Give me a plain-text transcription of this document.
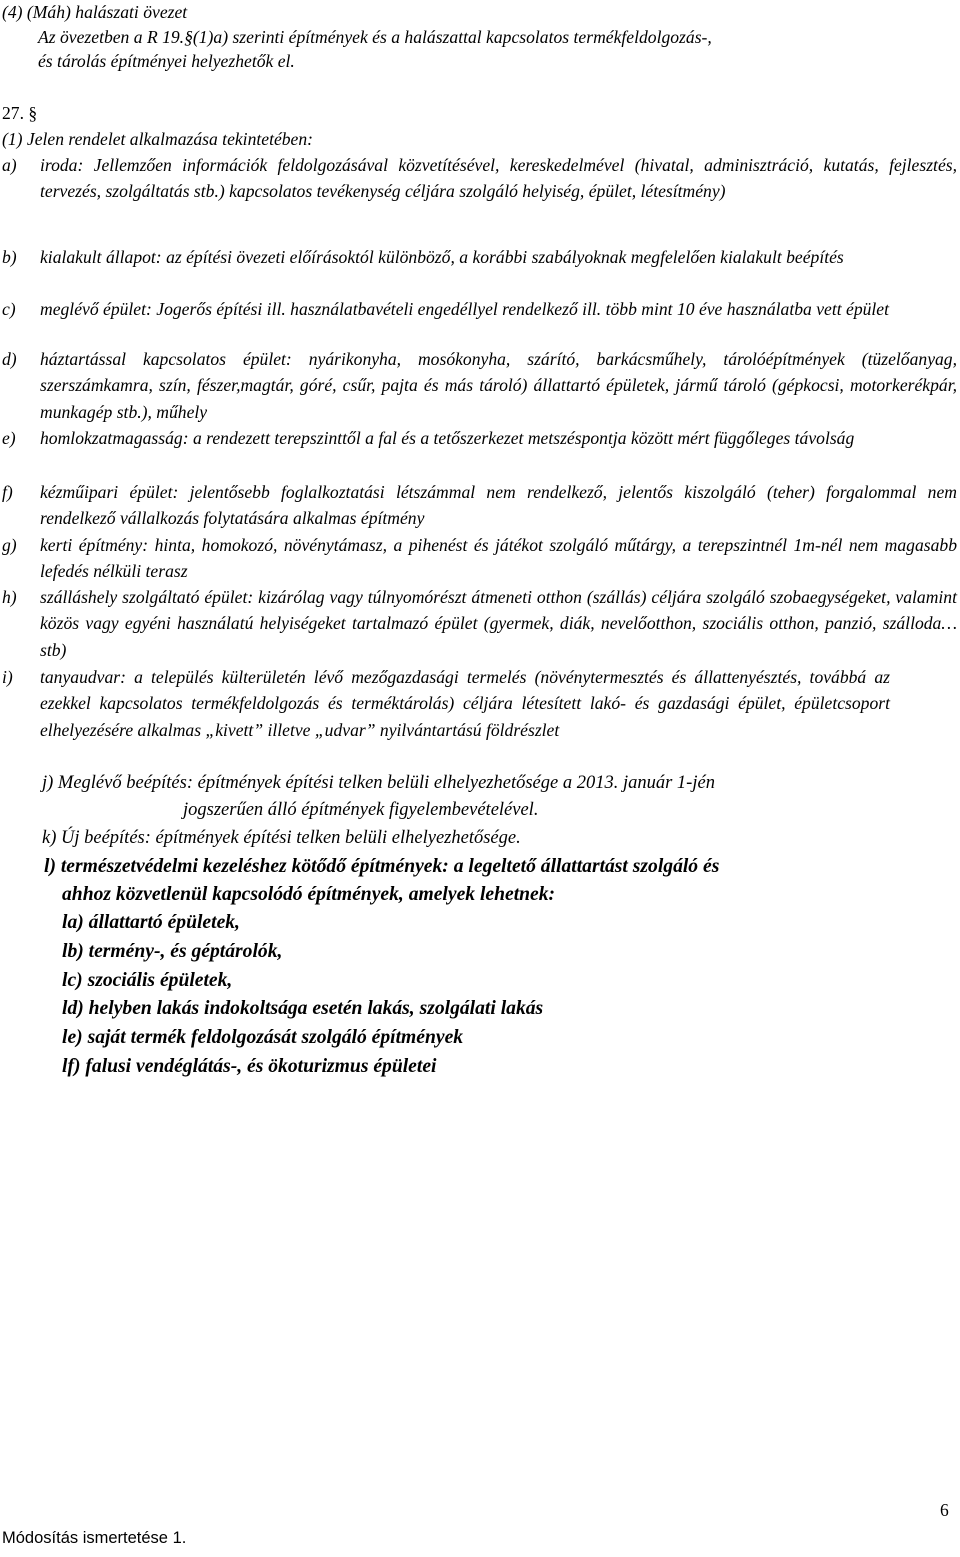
(4) (Máh) halászati övezet
Az övezetben a R 19.§(1)a) szerinti építmények és a halászattal kapcsolatos termékfeldolgozás-,
és tárolás építményei helyezhetők el.
27. §
(1) Jelen rendelet alkalmazása tekintetében:
a) iroda: Jellemzően információk feldolgozásával közvetítésével, kereskedelmével (hivatal, adminisztráció, kutatás, fejlesztés, tervezés, szolgáltatás stb.) kapcsolatos tevékenység céljára szolgáló helyiség, épület, létesítmény)
b) kialakult állapot: az építési övezeti előírásoktól különböző, a korábbi szabályoknak megfelelően kialakult beépítés
c) meglévő épület: Jogerős építési ill. használatbavételi engedéllyel rendelkező ill. több mint 10 éve használatba vett épület
d) háztartással kapcsolatos épület: nyárikonyha, mosókonyha, szárító, barkácsműhely, tárolóépítmények (tüzelőanyag, szerszámkamra, szín, fészer,magtár, góré, csűr, pajta és más tároló) állattartó épületek, jármű tároló (gépkocsi, motorkerékpár, munkagép stb.), műhely
e) homlokzatmagasság: a rendezett terepszinttől a fal és a tetőszerkezet metszéspontja között mért függőleges távolság
f) kézműipari épület: jelentősebb foglalkoztatási létszámmal nem rendelkező, jelentős kiszolgáló (teher) forgalommal nem rendelkező vállalkozás folytatására alkalmas építmény
g) kerti építmény: hinta, homokozó, növénytámasz, a pihenést és játékot szolgáló műtárgy, a terepszintnél 1m-nél nem magasabb lefedés nélküli terasz
h) szálláshely szolgáltató épület: kizárólag vagy túlnyomórészt átmeneti otthon (szállás) céljára szolgáló szobaegységeket, valamint közös vagy egyéni használatú helyiségeket tartalmazó épület (gyermek, diák, nevelőotthon, szociális otthon, panzió, szálloda…stb)
i) tanyaudvar: a település külterületén lévő mezőgazdasági termelés (növénytermesztés és állattenyésztés, továbbá az ezekkel kapcsolatos termékfeldolgozás és terméktárolás) céljára létesített lakó- és gazdasági épület, épületcsoport elhelyezésére alkalmas „kivett” illetve „udvar” nyilvántartású földrészlet
j) Meglévő beépítés: építmények építési telken belüli elhelyezhetősége a 2013. január 1-jén
jogszerűen álló építmények figyelembevételével.
k) Új beépítés: építmények építési telken belüli elhelyezhetősége.
l) természetvédelmi kezeléshez kötődő építmények: a legeltető állattartást szolgáló és
ahhoz közvetlenül kapcsolódó építmények, amelyek lehetnek:
la) állattartó épületek,
lb) termény-, és géptárolók,
lc) szociális épületek,
ld) helyben lakás indokoltsága esetén lakás, szolgálati lakás
le) saját termék feldolgozását szolgáló építmények
lf) falusi vendéglátás-, és ökoturizmus épületei
Módosítás ismertetése 1.
6
